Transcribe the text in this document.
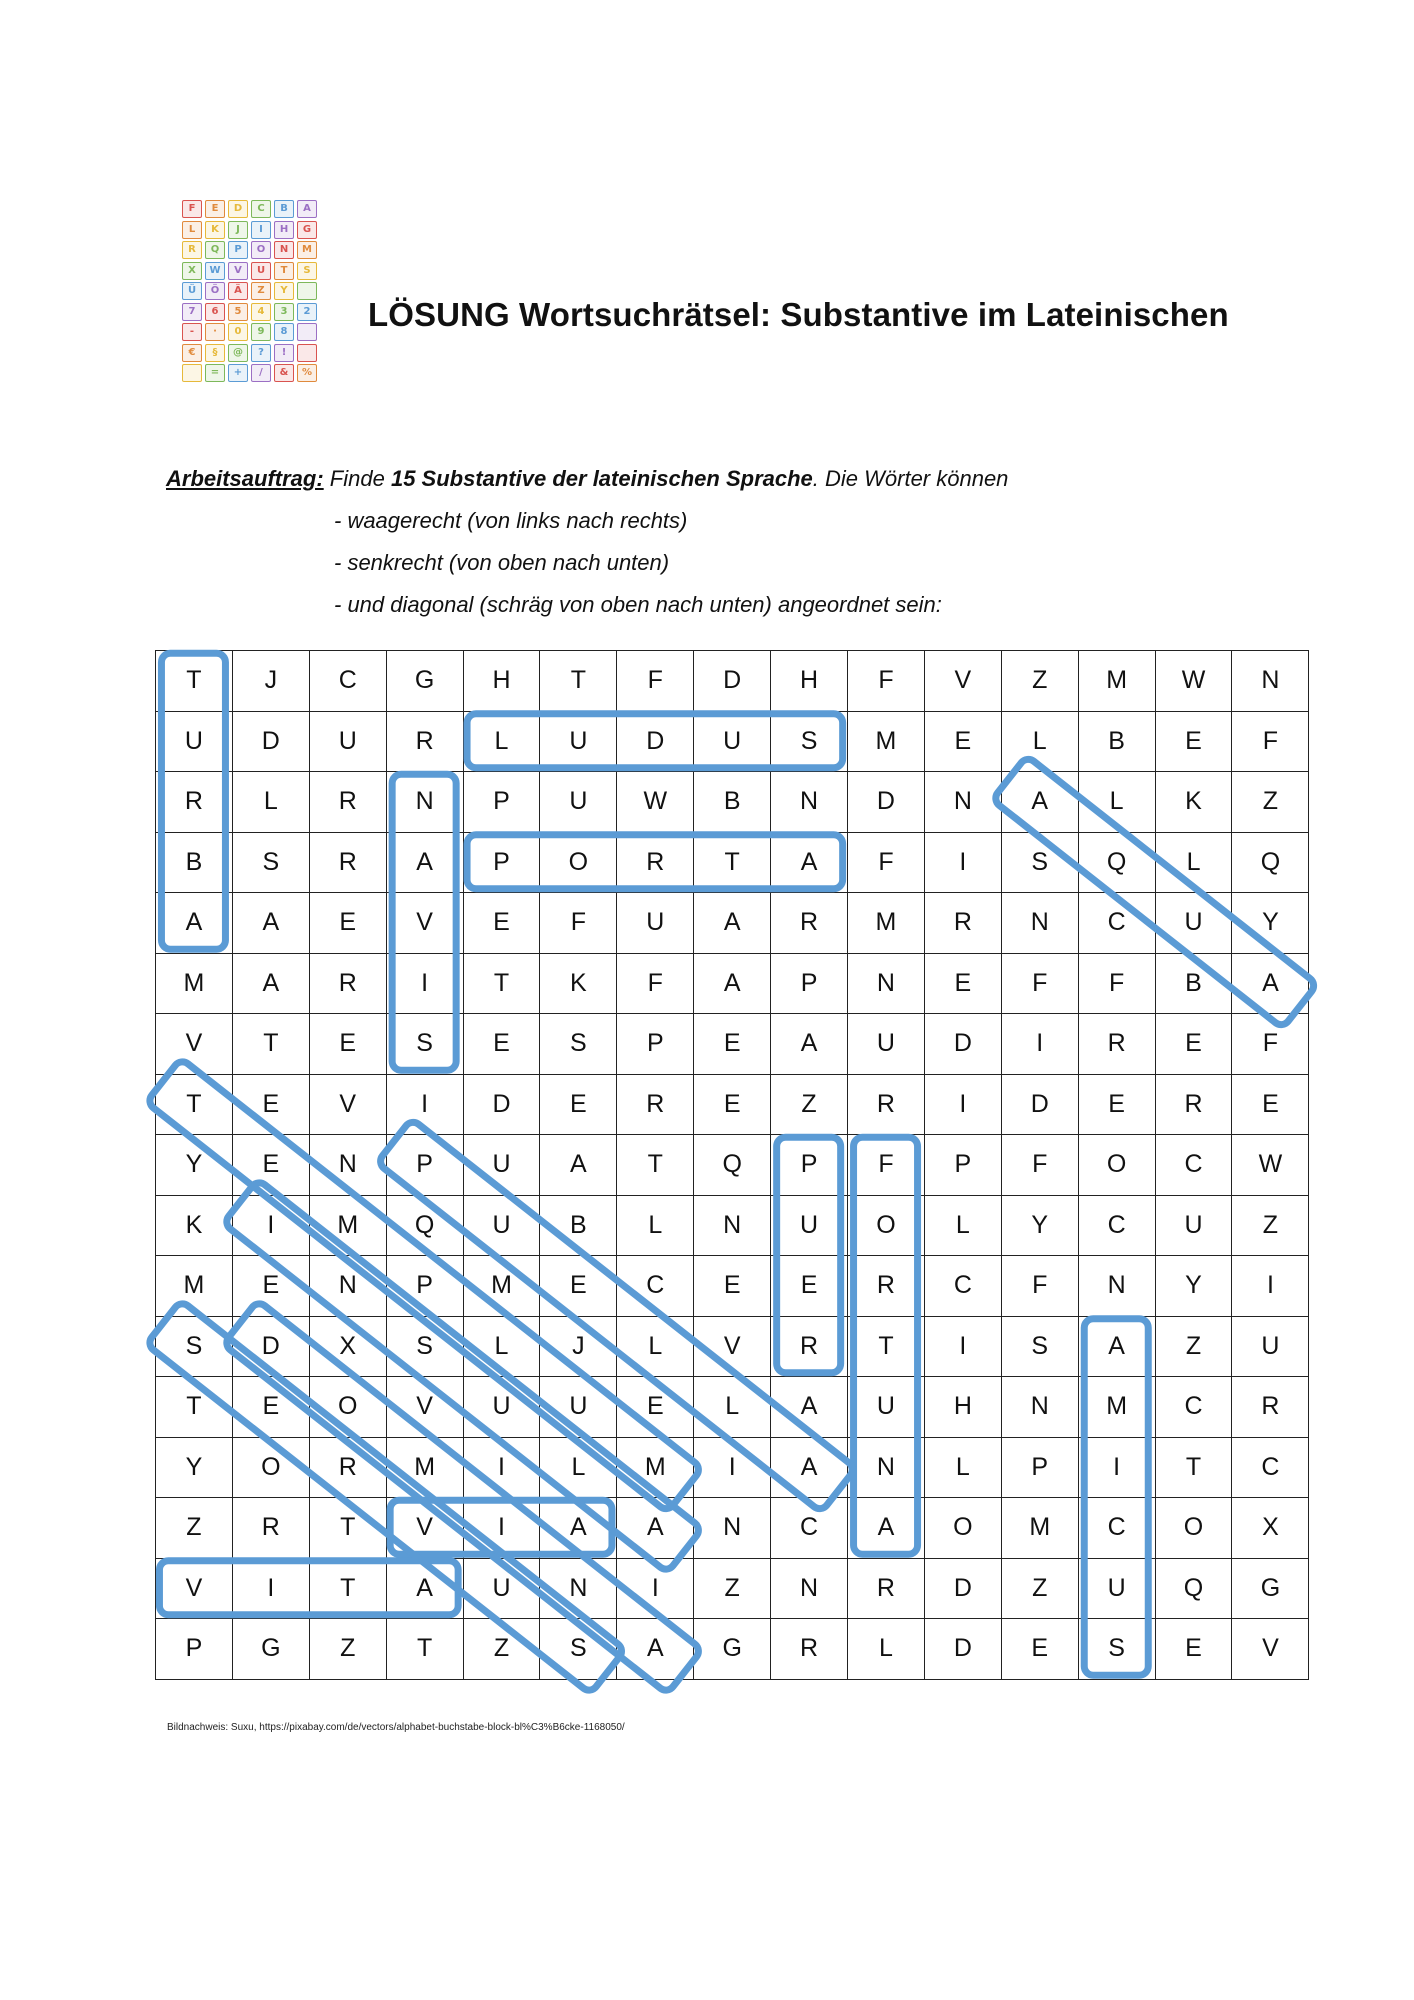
F	E	D	C	B	A
L	K	J	I	H	G
R	Q	P	O	N	M
X	W	V	U	T	S
Ü	Ö	Ä	Z	Y
7	6	5	4	3	2
-	·	0	9	8
€	§	@	?	!
=	+	/	&	%
LÖSUNG Wortsuchrätsel: Substantive im Lateinischen
Arbeitsauftrag: Finde 15 Substantive der lateinischen Sprache. Die Wörter können
- waagerecht (von links nach rechts)
- senkrecht (von oben nach unten)
- und diagonal (schräg von oben nach unten) angeordnet sein:
T	J	C	G	H	T	F	D	H	F	V	Z	M	W	N
U	D	U	R	L	U	D	U	S	M	E	L	B	E	F
R	L	R	N	P	U	W	B	N	D	N	A	L	K	Z
B	S	R	A	P	O	R	T	A	F	I	S	Q	L	Q
A	A	E	V	E	F	U	A	R	M	R	N	C	U	Y
M	A	R	I	T	K	F	A	P	N	E	F	F	B	A
V	T	E	S	E	S	P	E	A	U	D	I	R	E	F
T	E	V	I	D	E	R	E	Z	R	I	D	E	R	E
Y	E	N	P	U	A	T	Q	P	F	P	F	O	C	W
K	I	M	Q	U	B	L	N	U	O	L	Y	C	U	Z
M	E	N	P	M	E	C	E	E	R	C	F	N	Y	I
S	D	X	S	L	J	L	V	R	T	I	S	A	Z	U
T	E	O	V	U	U	E	L	A	U	H	N	M	C	R
Y	O	R	M	I	L	M	I	A	N	L	P	I	T	C
Z	R	T	V	I	A	A	N	C	A	O	M	C	O	X
V	I	T	A	U	N	I	Z	N	R	D	Z	U	Q	G
P	G	Z	T	Z	S	A	G	R	L	D	E	S	E	V
Bildnachweis: Suxu, https://pixabay.com/de/vectors/alphabet-buchstabe-block-bl%C3%B6cke-1168050/
